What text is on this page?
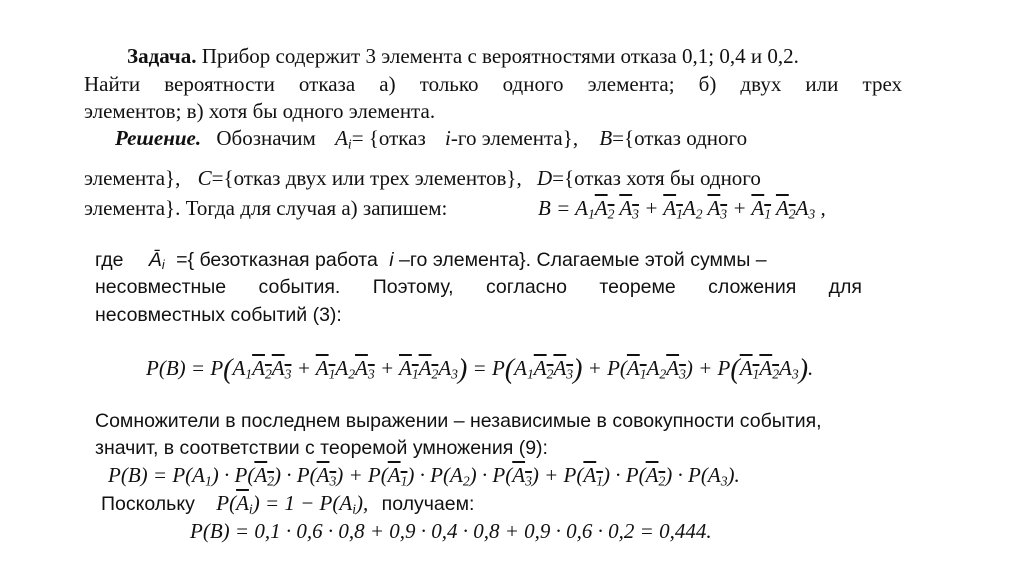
Задача. Прибор содержит 3 элемента с вероятностями отказа 0,1; 0,4 и 0,2.
Найти вероятности отказа а) только одного элемента; б) двух или трех
элементов; в) хотя бы одного элемента.
Решение. Обозначим $A_i=$ {отказ i-го элемента}, B={отказ одного
элемента}, C={отказ двух или трех элементов}, D={отказ хотя бы одного
элемента}. Тогда для случая а) запишем:	$B = A_1A_2$ $A_3 + A_1A_2$ $A_3 + A_1$ $A_2A_3$ ,
где $Ā_i$ ={ безотказная работа i –го элемента}. Слагаемые этой суммы –
несовместные события. Поэтому, согласно теореме сложения для
несовместных событий (3):
$P(B) = P(A_1A_2A_3 + A_1A_2A_3 + A_1A_2A_3) = P(A_1A_2A_3) + P(A_1A_2A_3) + P(A_1A_2A_3)$.
Сомножители в последнем выражении – независимые в совокупности события,
значит, в соответствии с теоремой умножения (9):
$P(B) = P(A_1) \cdot P(A_2) \cdot P(A_3) + P(A_1) \cdot P(A_2) \cdot P(A_3) + P(A_1) \cdot P(A_2) \cdot P(A_3)$.
Поскольку $P(\overline{A}_i) = 1 - P(A_i)$, получаем:
P(B) = 0,1 · 0,6 · 0,8 + 0,9 · 0,4 · 0,8 + 0,9 · 0,6 · 0,2 = 0,444.
